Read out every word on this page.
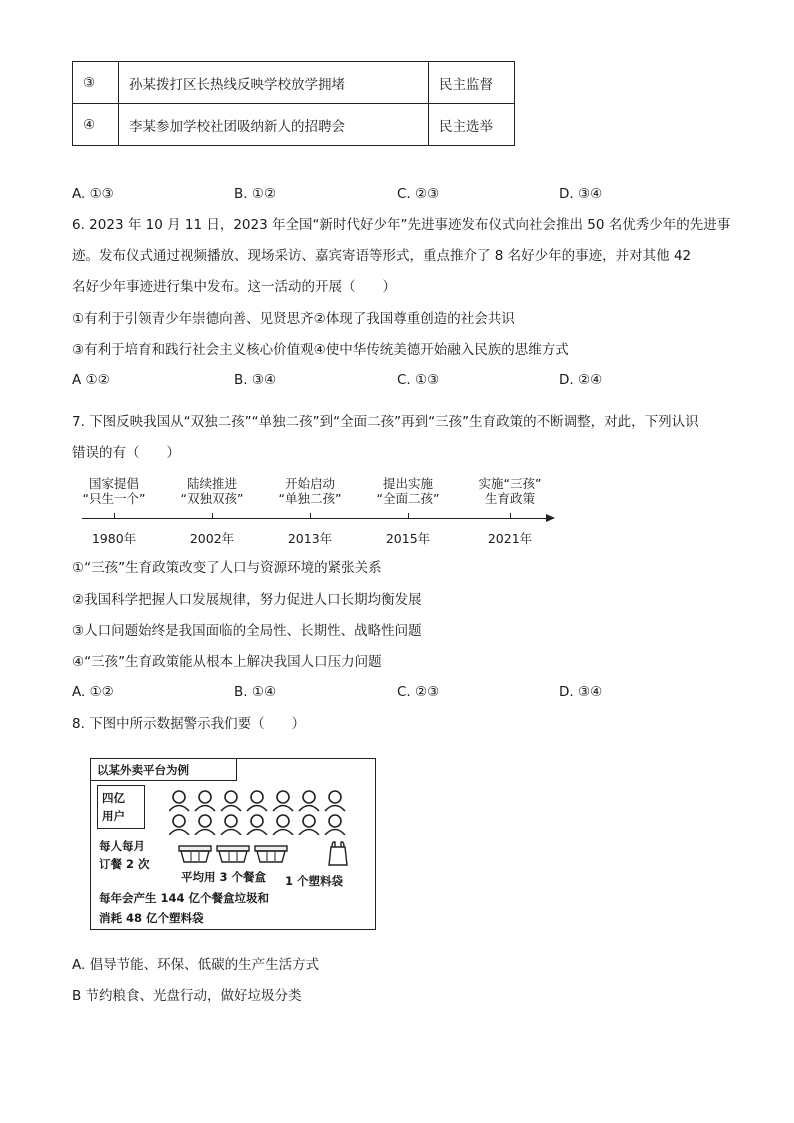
③	孙某拨打区长热线反映学校放学拥堵	民主监督
④	李某参加学校社团吸纳新人的招聘会	民主选举
A. ①③	B. ①②	C. ②③	D. ③④
6. 2023 年 10 月 11 日，2023 年全国“新时代好少年”先进事迹发布仪式向社会推出 50 名优秀少年的先进事
迹。发布仪式通过视频播放、现场采访、嘉宾寄语等形式，重点推介了 8 名好少年的事迹，并对其他 42
名好少年事迹进行集中发布。这一活动的开展（　　）
①有利于引领青少年崇德向善、见贤思齐②体现了我国尊重创造的社会共识
③有利于培育和践行社会主义核心价值观④使中华传统美德开始融入民族的思维方式
A ①②	B. ③④	C. ①③	D. ②④
7. 下图反映我国从“双独二孩”“单独二孩”到“全面二孩”再到“三孩”生育政策的不断调整，对此，下列认识
错误的有（　　）
国家提倡
“只生一个”
陆续推进
“双独双孩”
开始启动
“单独二孩”
提出实施
“全面二孩”
实施“三孩”
生育政策
1980年	2002年	2013年	2015年	2021年
①“三孩”生育政策改变了人口与资源环境的紧张关系
②我国科学把握人口发展规律，努力促进人口长期均衡发展
③人口问题始终是我国面临的全局性、长期性、战略性问题
④“三孩”生育政策能从根本上解决我国人口压力问题
A. ①②	B. ①④	C. ②③	D. ③④
8. 下图中所示数据警示我们要（　　）
以某外卖平台为例
四亿
用户
每人每月
订餐 2 次
平均用 3 个餐盒 1 个塑料袋
每年会产生 144 亿个餐盒垃圾和
消耗 48 亿个塑料袋
A. 倡导节能、环保、低碳的生产生活方式
B 节约粮食、光盘行动，做好垃圾分类
